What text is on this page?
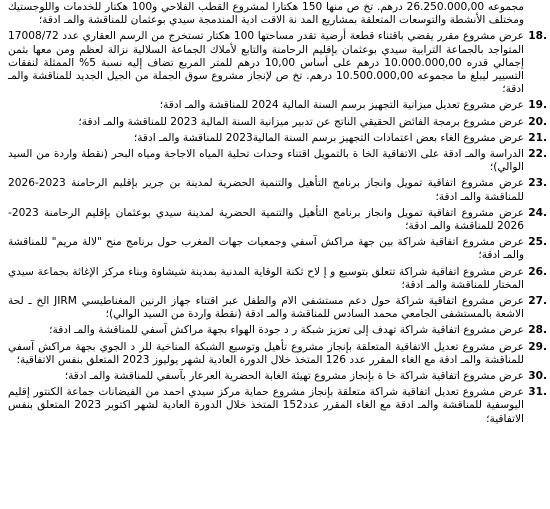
مجموعه 26.250.000,00 درهم. تخ ص منها 150 هكتارا لمشروع القطب الفلاحي و100 هكتار للخدمات واللوجستيك ومختلف الأنشطة والتوسعات المتعلقة بمشاريع المد نة الاقت ادية المندمجة سيدي بوعثمان للمناقشة والمـ ادقة؛
18.
عرض مشروع مقرر يقضي باقتناء قطعة أرضية تقدر مساحتها 100 هكتار تستخرج من الرسم العقاري عدد 17008/72 المتواجد بالجماعة الترابية سيدي بوعثمان بإقليم الرحامنة والتابع لأملاك الجماعة السلالية نزالة لعظم ومن معها بثمن إجمالي قدره 10.000.000,00 درهم على أساس 10,00 درهم للمتر المربع تضاف إليه نسبة 5% الممثلة لنفقات التسيير ليبلغ ما مجموعه 10.500.000,00 درهم. تخ ص لإنجاز مشروع سوق الجملة من الجيل الجديد للمناقشة والمـ ادقة؛
19.
عرض مشروع تعديل ميزانية التجهيز برسم السنة المالية 2024 للمناقشة والمـ ادقة؛
20.
عرض مشروع برمجة الفائض الحقيقي الناتج عن تدبير ميزانية السنة المالية 2023 للمناقشة والمـ ادقة؛
21.
عرض مشروع الغاء بعض اعتمادات التجهيز برسم السنة المالية2023 للمناقشة والمـ ادقة؛
22.
الدراسة والمـ ادقة على الاتفاقية الخا ة بالتمويل اقتناء وحدات تحلية المياه الاجاجة ومياه البحر (نقطة واردة من السيد الوالي)؛
23.
عرض مشروع اتفاقية تمويل وانجاز برنامج التأهيل والتنمية الحضرية لمدينة بن جرير بإقليم الرحامنة 2023-2026 للمناقشة والمـ ادقة؛
24.
عرض مشروع اتفاقية تمويل وانجاز برنامج التأهيل والتنمية الحضرية لمدينة سيدي بوعثمان بإقليم الرحامنة 2023-2026 للمناقشة والمـ ادقة؛
25.
عرض مشروع اتفاقية شراكة بين جهة مراكش آسفي وجمعيات جهات المغرب حول برنامج منح "لالة مريم" للمناقشة والمـ ادقة؛
26.
عرض مشروع اتفاقية شراكة تتعلق بتوسيع و إ لاح ثكنة الوقاية المدنية بمدينة شيشاوة وبناء مركز الإغاثة بجماعة سيدي المختار للمناقشة والمـ ادقة؛
27.
عرض مشروع اتفاقية شراكة حول دعم مستشفى الام والطفل عبر اقتناء جهاز الرنين المغناطيسي JIRM الخ ـ لحة الاشعة بالمستشفى الجامعي محمد السادس للمناقشة والمـ ادقة (نقطة واردة من السيد الوالي)؛
28.
عرض مشروع اتفاقية شراكة تهدف إلى تعزيز شبكة ر د جودة الهواء بجهة مراكش آسفي للمناقشة والمـ ادقة؛
29.
عرض مشروع تعديل الاتفاقية المتعلقة بإنجاز مشروع تأهيل وتوسيع الشبكة المناخية للر د الجوي بجهة مراكش آسفي للمناقشة والمـ ادقة مع الغاء المقرر عدد 126 المتخذ خلال الدورة العادية لشهر يوليوز 2023 المتعلق بنفس الاتفاقية؛
30.
عرض مشروع اتفاقية شراكة خا ة بإنجاز مشروع تهيئة الغابة الحضرية العرعار بآسفي للمناقشة والمـ ادقة؛
31.
عرض مشروع تعديل اتفاقية شراكة متعلقة بإنجاز مشروع حماية مركز سيدي احمد من الفيضانات جماعة الكنتور إقليم اليوسفية للمناقشة والمـ ادقة مع الغاء المقرر عدد152 المتخذ خلال الدورة العادية لشهر اكتوبر 2023 المتعلق بنفس الاتفاقية؛
